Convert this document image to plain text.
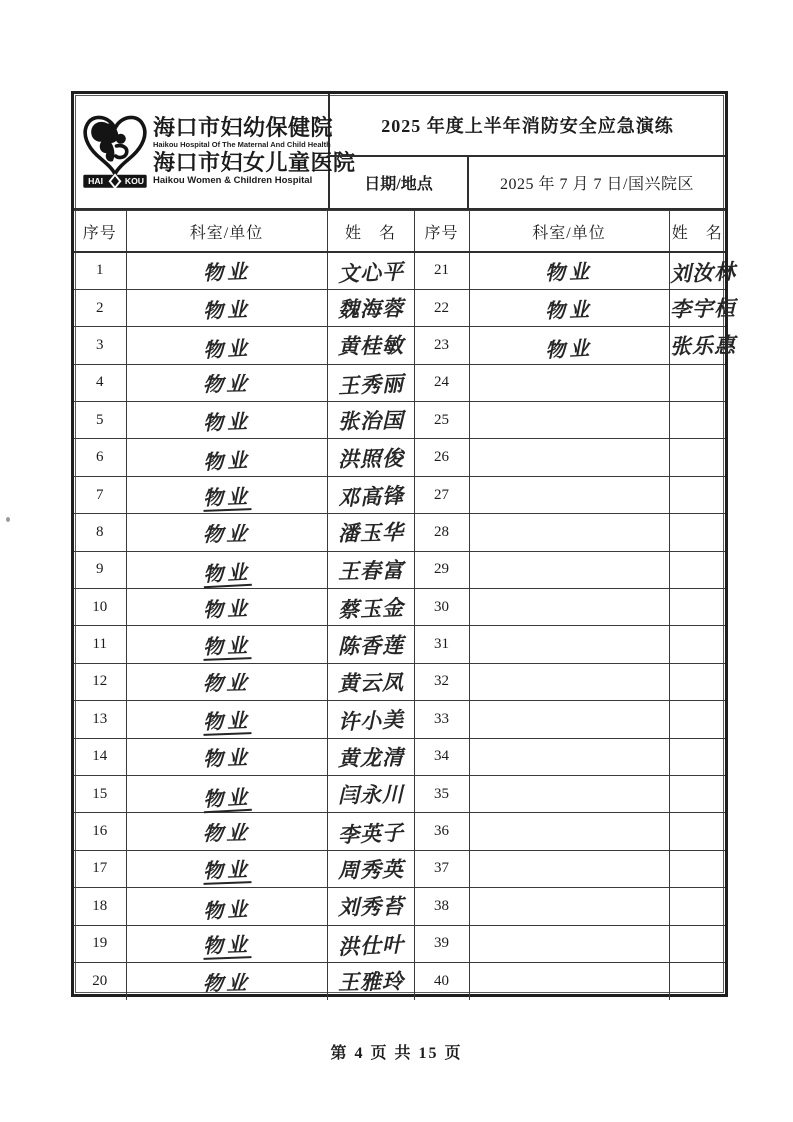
HAI KOU
海口市妇幼保健院
Haikou Hospital Of The Maternal And Child Health
海口市妇女儿童医院
Haikou Women & Children Hospital
2025 年度上半年消防安全应急演练
日期/地点	2025 年 7 月 7 日/国兴院区
序号	科室/单位	姓　名	序号	科室/单位	姓　名
1	物业	文心平	21	物业	刘汝林
2	物业	魏海蓉	22	物业	李宇桓
3	物业	黄桂敏	23	物业	张乐惠
4	物业	王秀丽	24		
5	物业	张治国	25		
6	物业	洪照俊	26		
7	物业	邓高锋	27		
8	物业	潘玉华	28		
9	物业	王春富	29		
10	物业	蔡玉金	30		
11	物业	陈香莲	31		
12	物业	黄云凤	32		
13	物业	许小美	33		
14	物业	黄龙清	34		
15	物业	闫永川	35		
16	物业	李英子	36		
17	物业	周秀英	37		
18	物业	刘秀苔	38		
19	物业	洪仕叶	39		
20	物业	王雅玲	40		
第 4 页 共 15 页
